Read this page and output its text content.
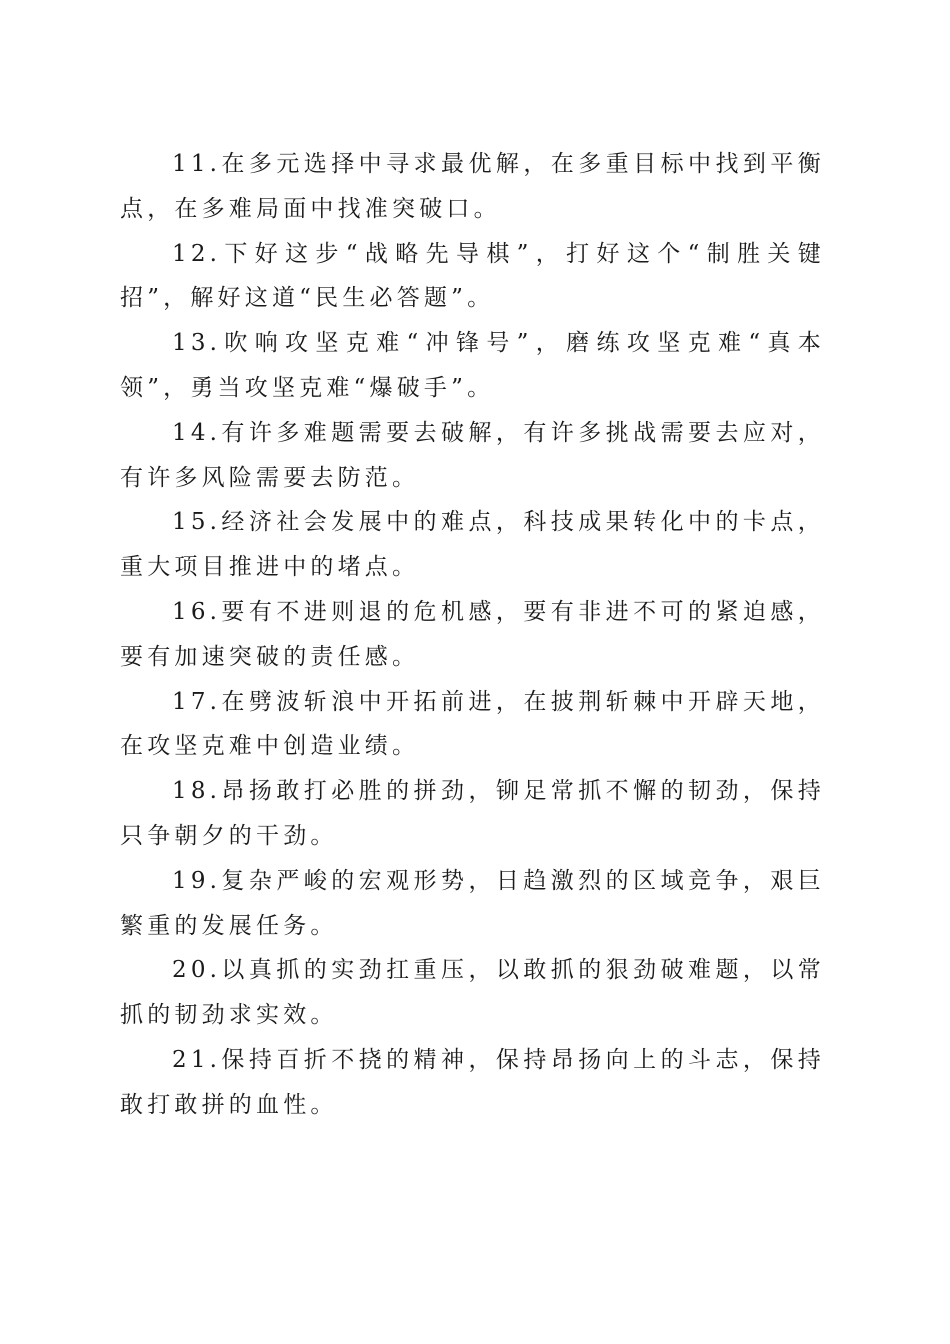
11.在多元选择中寻求最优解，在多重目标中找到平衡点，在多难局面中找准突破口。

12.下好这步“战略先导棋”，打好这个“制胜关键招”，解好这道“民生必答题”。

13.吹响攻坚克难“冲锋号”，磨练攻坚克难“真本领”，勇当攻坚克难“爆破手”。

14.有许多难题需要去破解，有许多挑战需要去应对，有许多风险需要去防范。

15.经济社会发展中的难点，科技成果转化中的卡点，重大项目推进中的堵点。

16.要有不进则退的危机感，要有非进不可的紧迫感，要有加速突破的责任感。

17.在劈波斩浪中开拓前进，在披荆斩棘中开辟天地，在攻坚克难中创造业绩。

18.昂扬敢打必胜的拼劲，铆足常抓不懈的韧劲，保持只争朝夕的干劲。

19.复杂严峻的宏观形势，日趋激烈的区域竞争，艰巨繁重的发展任务。

20.以真抓的实劲扛重压，以敢抓的狠劲破难题，以常抓的韧劲求实效。

21.保持百折不挠的精神，保持昂扬向上的斗志，保持敢打敢拼的血性。
